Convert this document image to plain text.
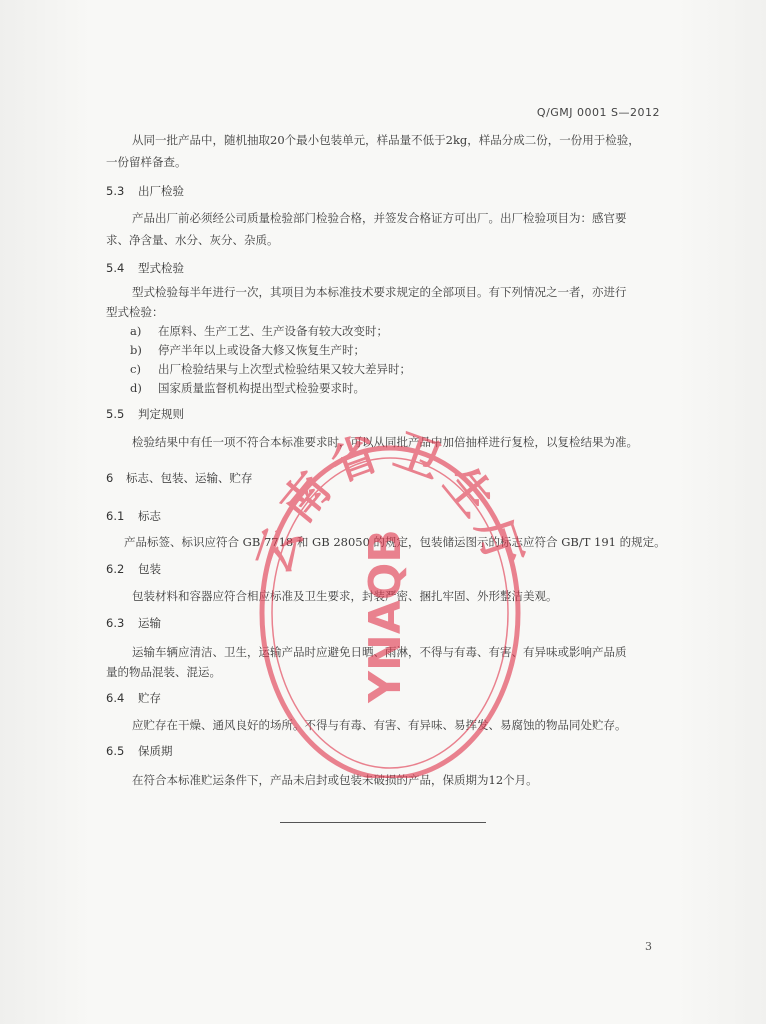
Q/GMJ 0001 S—2012
从同一批产品中，随机抽取20个最小包装单元，样品量不低于2kg，样品分成二份，一份用于检验，
一份留样备查。
5.3 出厂检验
产品出厂前必须经公司质量检验部门检验合格，并签发合格证方可出厂。出厂检验项目为：感官要
求、净含量、水分、灰分、杂质。
5.4 型式检验
型式检验每半年进行一次，其项目为本标准技术要求规定的全部项目。有下列情况之一者，亦进行
型式检验：
a) 在原料、生产工艺、生产设备有较大改变时；
b) 停产半年以上或设备大修又恢复生产时；
c) 出厂检验结果与上次型式检验结果又较大差异时；
d) 国家质量监督机构提出型式检验要求时。
5.5 判定规则
检验结果中有任一项不符合本标准要求时，可以从同批产品中加倍抽样进行复检，以复检结果为准。
6 标志、包装、运输、贮存
6.1 标志
产品标签、标识应符合 GB 7718 和 GB 28050 的规定，包装储运图示的标志应符合 GB/T 191 的规定。
6.2 包装
包装材料和容器应符合相应标准及卫生要求，封装严密、捆扎牢固、外形整洁美观。
6.3 运输
运输车辆应清洁、卫生，运输产品时应避免日晒、雨淋，不得与有毒、有害、有异味或影响产品质
量的物品混装、混运。
6.4 贮存
应贮存在干燥、通风良好的场所。不得与有毒、有害、有异味、易挥发、易腐蚀的物品同处贮存。
6.5 保质期
在符合本标准贮运条件下，产品未启封或包装未破损的产品，保质期为12个月。
3
云南省卫生厅
YNAQB
